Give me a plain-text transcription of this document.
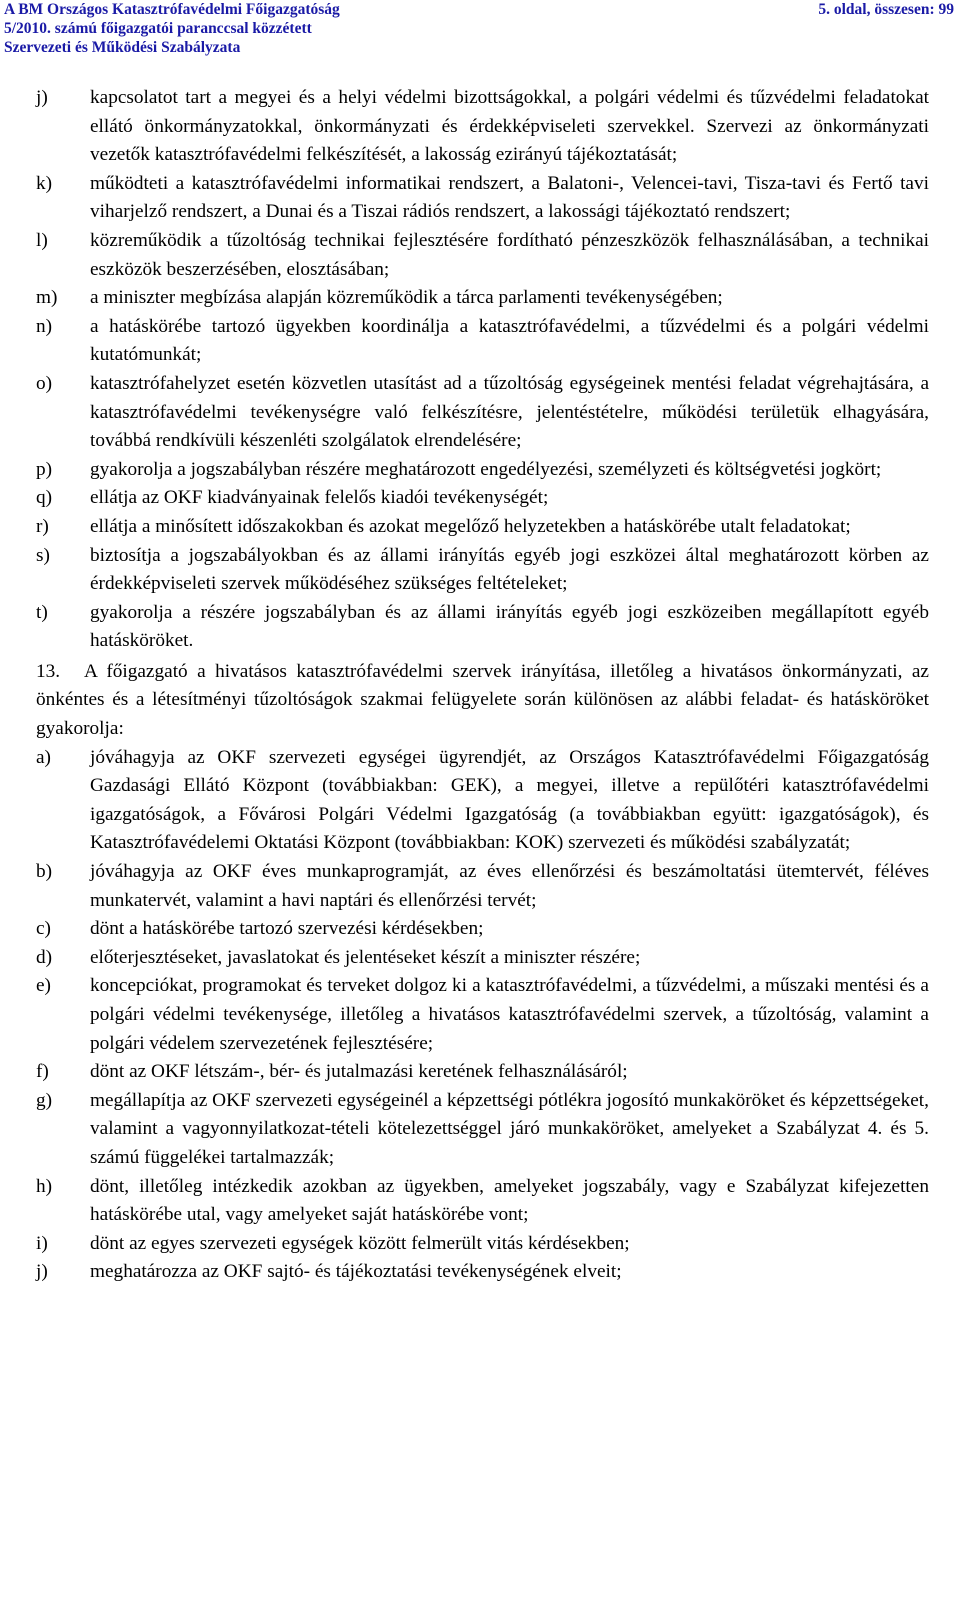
A BM Országos Katasztrófavédelmi Főigazgatóság	5. oldal, összesen: 99
5/2010. számú főigazgatói paranccsal közzétett
Szervezeti és Működési Szabályzata
j)	kapcsolatot tart a megyei és a helyi védelmi bizottságokkal, a polgári védelmi és tűzvédelmi feladatokat ellátó önkormányzatokkal, önkormányzati és érdekképviseleti szervekkel. Szervezi az önkormányzati vezetők katasztrófavédelmi felkészítését, a lakosság ezirányú tájékoztatását;
k)	működteti a katasztrófavédelmi informatikai rendszert, a Balatoni-, Velencei-tavi, Tisza-tavi és Fertő tavi viharjelző rendszert, a Dunai és a Tiszai rádiós rendszert, a lakossági tájékoztató rendszert;
l)	közreműködik a tűzoltóság technikai fejlesztésére fordítható pénzeszközök felhasználásában, a technikai eszközök beszerzésében, elosztásában;
m)	a miniszter megbízása alapján közreműködik a tárca parlamenti tevékenységében;
n)	a hatáskörébe tartozó ügyekben koordinálja a katasztrófavédelmi, a tűzvédelmi és a polgári védelmi kutatómunkát;
o)	katasztrófahelyzet esetén közvetlen utasítást ad a tűzoltóság egységeinek mentési feladat végrehajtására, a katasztrófavédelmi tevékenységre való felkészítésre, jelentéstételre, működési területük elhagyására, továbbá rendkívüli készenléti szolgálatok elrendelésére;
p)	gyakorolja a jogszabályban részére meghatározott engedélyezési, személyzeti és költségvetési jogkört;
q)	ellátja az OKF kiadványainak felelős kiadói tevékenységét;
r)	ellátja a minősített időszakokban és azokat megelőző helyzetekben a hatáskörébe utalt feladatokat;
s)	biztosítja a jogszabályokban és az állami irányítás egyéb jogi eszközei által meghatározott körben az érdekképviseleti szervek működéséhez szükséges feltételeket;
t)	gyakorolja a részére jogszabályban és az állami irányítás egyéb jogi eszközeiben megállapított egyéb hatásköröket.
13.	A főigazgató a hivatásos katasztrófavédelmi szervek irányítása, illetőleg a hivatásos önkormányzati, az önkéntes és a létesítményi tűzoltóságok szakmai felügyelete során különösen az alábbi feladat- és hatásköröket gyakorolja:
a)	jóváhagyja az OKF szervezeti egységei ügyrendjét, az Országos Katasztrófavédelmi Főigazgatóság Gazdasági Ellátó Központ (továbbiakban: GEK), a megyei, illetve a repülőtéri katasztrófavédelmi igazgatóságok, a Fővárosi Polgári Védelmi Igazgatóság (a továbbiakban együtt: igazgatóságok), és Katasztrófavédelemi Oktatási Központ (továbbiakban: KOK) szervezeti és működési szabályzatát;
b)	jóváhagyja az OKF éves munkaprogramját, az éves ellenőrzési és beszámoltatási ütemtervét, féléves munkatervét, valamint a havi naptári és ellenőrzési tervét;
c)	dönt a hatáskörébe tartozó szervezési kérdésekben;
d)	előterjesztéseket, javaslatokat és jelentéseket készít a miniszter részére;
e)	koncepciókat, programokat és terveket dolgoz ki a katasztrófavédelmi, a tűzvédelmi, a műszaki mentési és a polgári védelmi tevékenysége, illetőleg a hivatásos katasztrófavédelmi szervek, a tűzoltóság, valamint a polgári védelem szervezetének fejlesztésére;
f)	dönt az OKF létszám-, bér- és jutalmazási keretének felhasználásáról;
g)	megállapítja az OKF szervezeti egységeinél a képzettségi pótlékra jogosító munkaköröket és képzettségeket, valamint a vagyonnyilatkozat-tételi kötelezettséggel járó munkaköröket, amelyeket a Szabályzat 4. és 5. számú függelékei tartalmazzák;
h)	dönt, illetőleg intézkedik azokban az ügyekben, amelyeket jogszabály, vagy e Szabályzat kifejezetten hatáskörébe utal, vagy amelyeket saját hatáskörébe vont;
i)	dönt az egyes szervezeti egységek között felmerült vitás kérdésekben;
j)	meghatározza az OKF sajtó- és tájékoztatási tevékenységének elveit;
